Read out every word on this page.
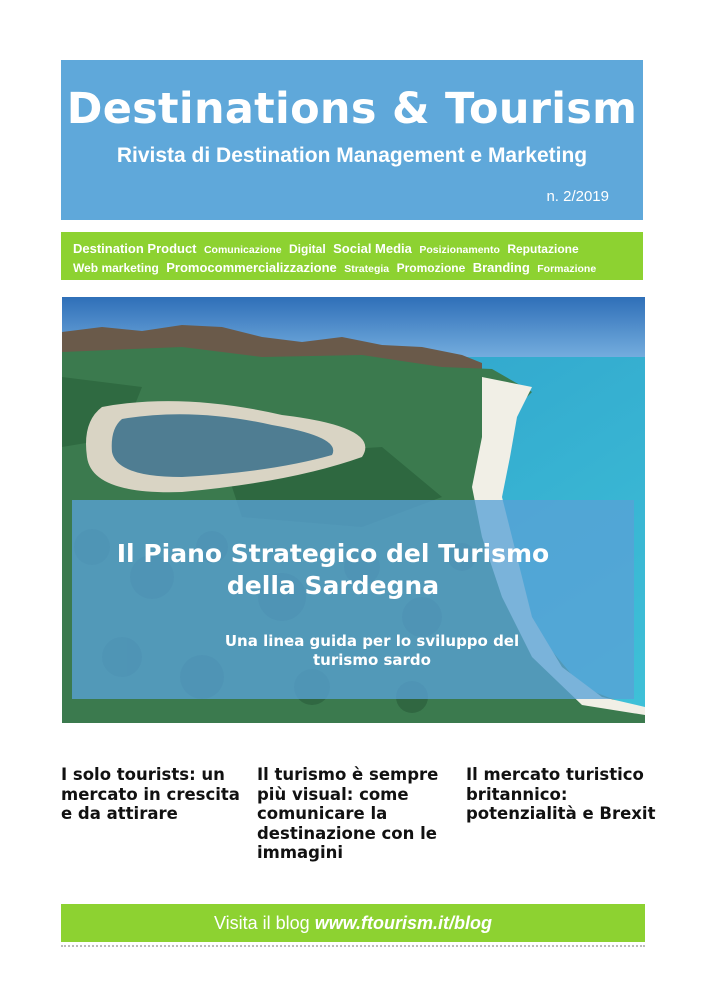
Destinations & Tourism
Rivista di Destination Management e Marketing
n. 2/2019
Destination Product Comunicazione Digital Social Media Posizionamento Reputazione
Web marketing Promocommercializzazione Strategia Promozione Branding Formazione DMO
Il Piano Strategico del Turismo
della Sardegna
Una linea guida per lo sviluppo del
turismo sardo
I solo tourists: un mercato in crescita e da attirare
Il turismo è sempre più visual: come comunicare la destinazione con le immagini
Il mercato turistico britannico: potenzialità e Brexit
Visita il blog www.ftourism.it/blog
